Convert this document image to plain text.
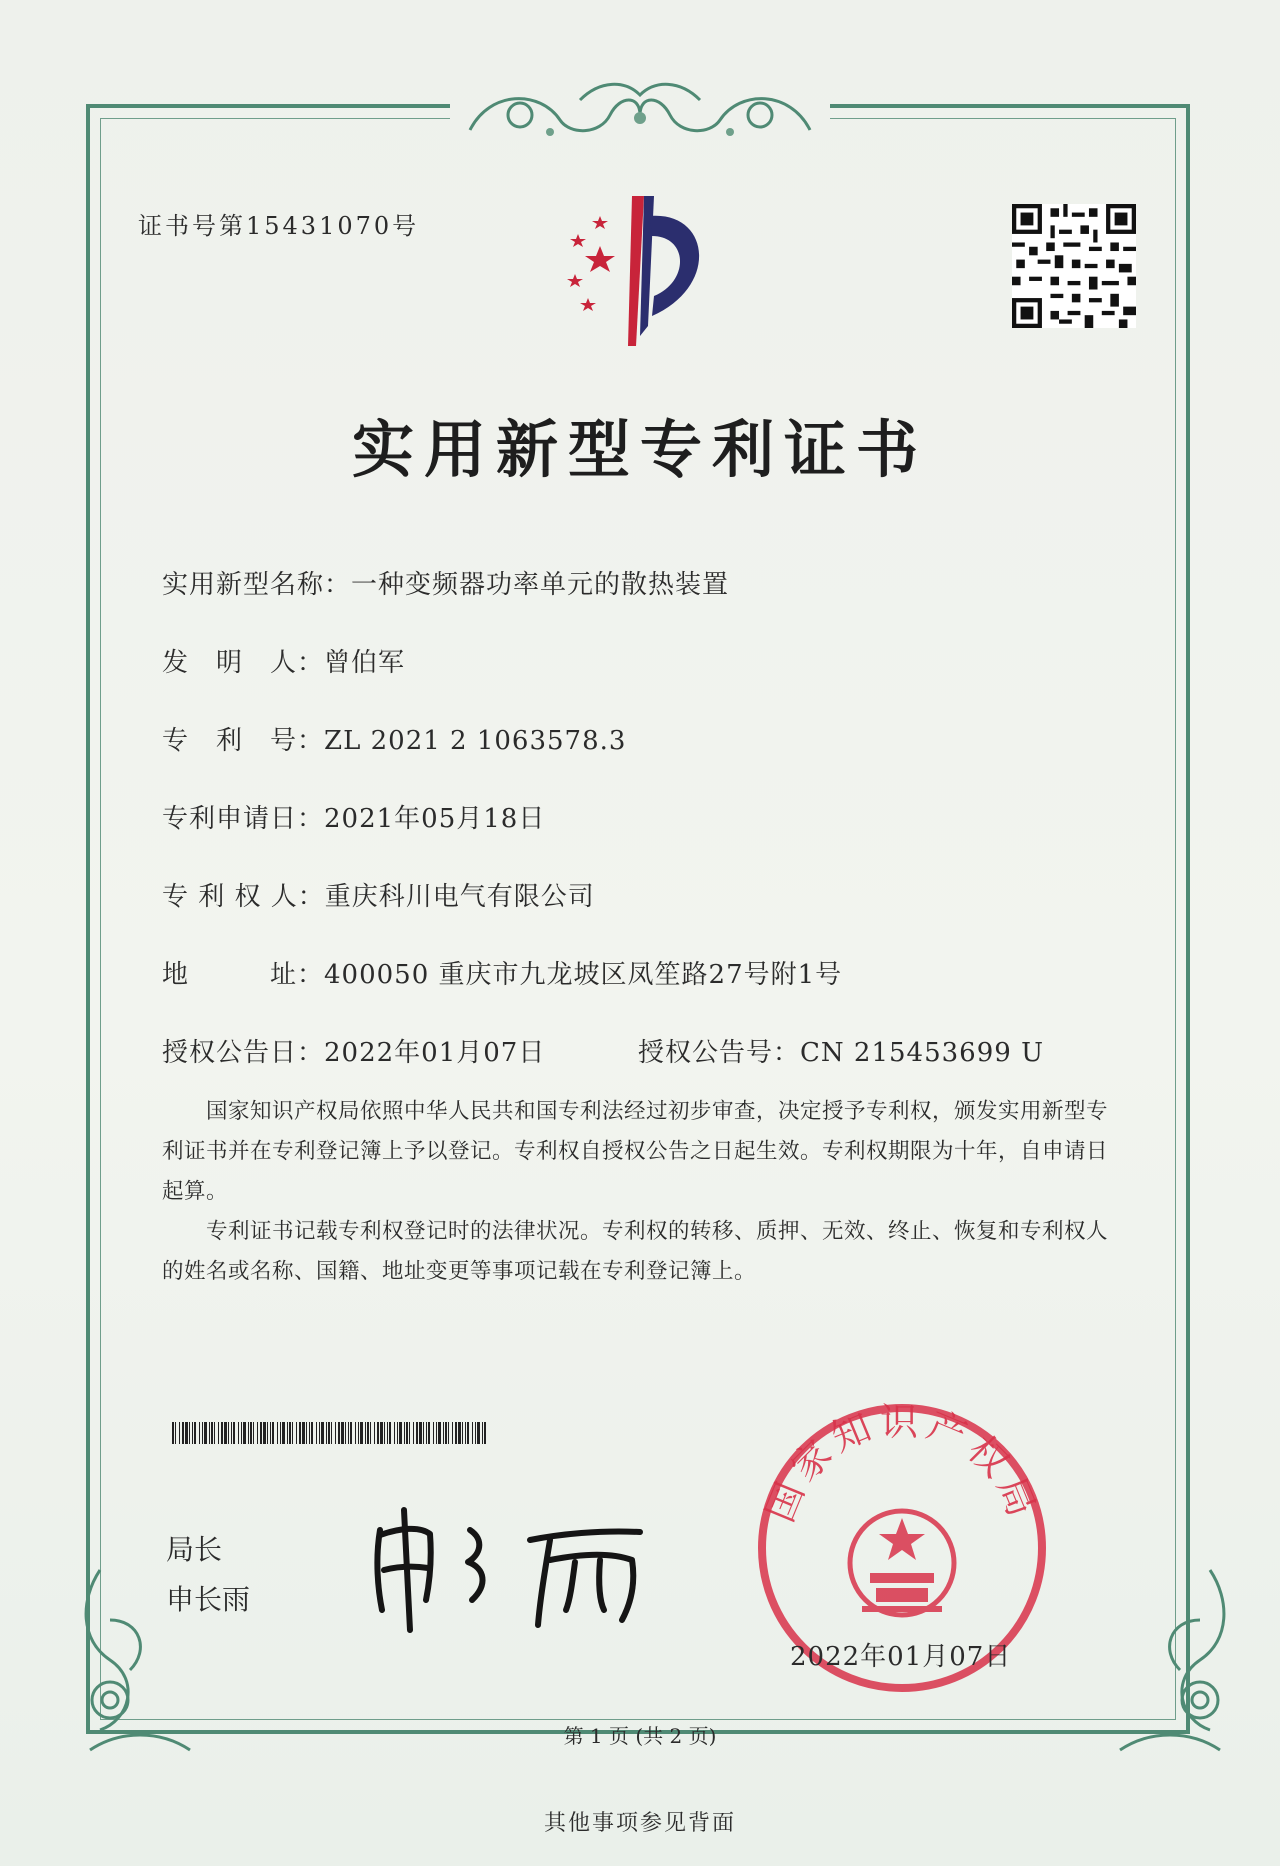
证书号第15431070号
实用新型专利证书
实用新型名称：一种变频器功率单元的散热装置
发　明　人：曾伯军
专　利　号：ZL 2021 2 1063578.3
专利申请日：2021年05月18日
专 利 权 人：重庆科川电气有限公司
地　　　址：400050 重庆市九龙坡区凤笙路27号附1号
授权公告日：2022年01月07日	授权公告号：CN 215453699 U

国家知识产权局依照中华人民共和国专利法经过初步审查，决定授予专利权，颁发实用新型专利证书并在专利登记簿上予以登记。专利权自授权公告之日起生效。专利权期限为十年，自申请日起算。

专利证书记载专利权登记时的法律状况。专利权的转移、质押、无效、终止、恢复和专利权人的姓名或名称、国籍、地址变更等事项记载在专利登记簿上。

局长
申长雨
国家知识产权局
2022年01月07日
第 1 页 (共 2 页)
其他事项参见背面
